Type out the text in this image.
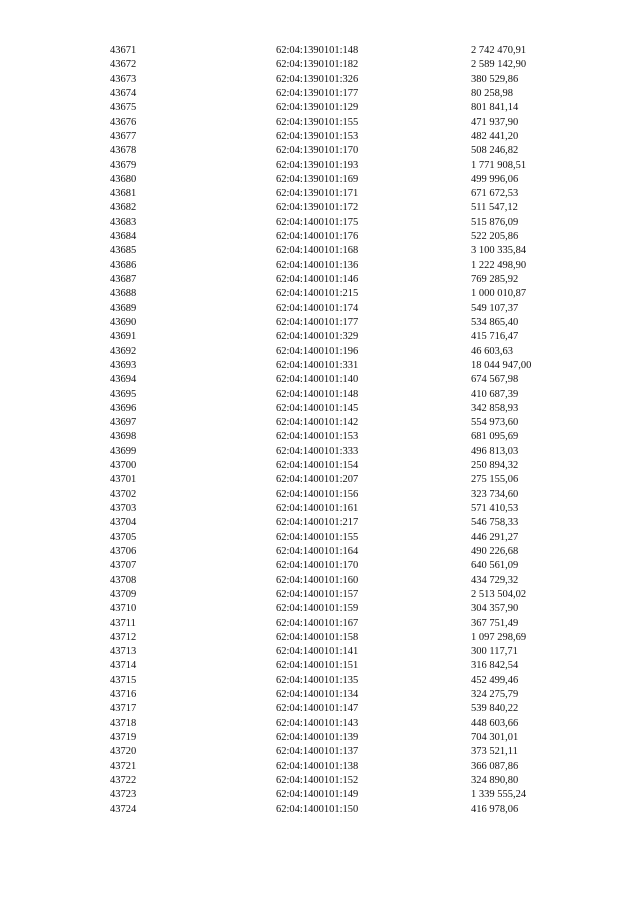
43671	62:04:1390101:148	2 742 470,91
43672	62:04:1390101:182	2 589 142,90
43673	62:04:1390101:326	380 529,86
43674	62:04:1390101:177	80 258,98
43675	62:04:1390101:129	801 841,14
43676	62:04:1390101:155	471 937,90
43677	62:04:1390101:153	482 441,20
43678	62:04:1390101:170	508 246,82
43679	62:04:1390101:193	1 771 908,51
43680	62:04:1390101:169	499 996,06
43681	62:04:1390101:171	671 672,53
43682	62:04:1390101:172	511 547,12
43683	62:04:1400101:175	515 876,09
43684	62:04:1400101:176	522 205,86
43685	62:04:1400101:168	3 100 335,84
43686	62:04:1400101:136	1 222 498,90
43687	62:04:1400101:146	769 285,92
43688	62:04:1400101:215	1 000 010,87
43689	62:04:1400101:174	549 107,37
43690	62:04:1400101:177	534 865,40
43691	62:04:1400101:329	415 716,47
43692	62:04:1400101:196	46 603,63
43693	62:04:1400101:331	18 044 947,00
43694	62:04:1400101:140	674 567,98
43695	62:04:1400101:148	410 687,39
43696	62:04:1400101:145	342 858,93
43697	62:04:1400101:142	554 973,60
43698	62:04:1400101:153	681 095,69
43699	62:04:1400101:333	496 813,03
43700	62:04:1400101:154	250 894,32
43701	62:04:1400101:207	275 155,06
43702	62:04:1400101:156	323 734,60
43703	62:04:1400101:161	571 410,53
43704	62:04:1400101:217	546 758,33
43705	62:04:1400101:155	446 291,27
43706	62:04:1400101:164	490 226,68
43707	62:04:1400101:170	640 561,09
43708	62:04:1400101:160	434 729,32
43709	62:04:1400101:157	2 513 504,02
43710	62:04:1400101:159	304 357,90
43711	62:04:1400101:167	367 751,49
43712	62:04:1400101:158	1 097 298,69
43713	62:04:1400101:141	300 117,71
43714	62:04:1400101:151	316 842,54
43715	62:04:1400101:135	452 499,46
43716	62:04:1400101:134	324 275,79
43717	62:04:1400101:147	539 840,22
43718	62:04:1400101:143	448 603,66
43719	62:04:1400101:139	704 301,01
43720	62:04:1400101:137	373 521,11
43721	62:04:1400101:138	366 087,86
43722	62:04:1400101:152	324 890,80
43723	62:04:1400101:149	1 339 555,24
43724	62:04:1400101:150	416 978,06
